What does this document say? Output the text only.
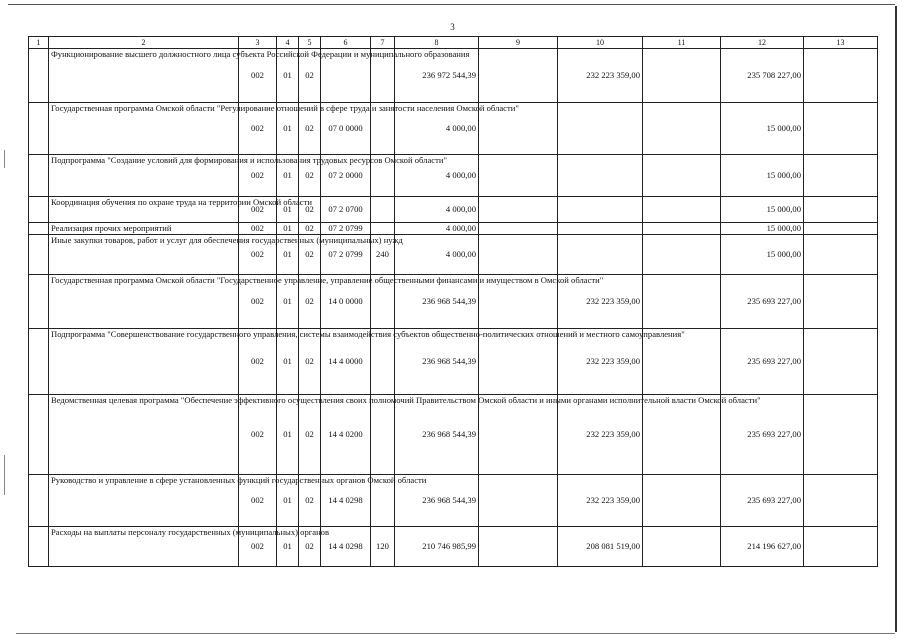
3
1	2	3	4	5	6	7	8	9	10	11	12	13
	Функционирование высшего должностного лица субъекта Российской Федерации и муниципального образования	002	01	02			236 972 544,39		232 223 359,00		235 708 227,00	
	Государственная программа Омской области "Регулирование отношений в сфере труда и занятости населения Омской области"	002	01	02	07 0 0000		4 000,00				15 000,00	
	Подпрограмма "Создание условий для формирования и использования трудовых ресурсов Омской области"	002	01	02	07 2 0000		4 000,00				15 000,00	
	Координация обучения по охране труда на территории Омской области	002	01	02	07 2 0700		4 000,00				15 000,00	
	Реализация прочих мероприятий	002	01	02	07 2 0799		4 000,00				15 000,00	
	Иные закупки товаров, работ и услуг для обеспечения государственных (муниципальных) нужд	002	01	02	07 2 0799	240	4 000,00				15 000,00	
	Государственная программа Омской области "Государственное управление, управление общественными финансами и имуществом в Омской области"	002	01	02	14 0 0000		236 968 544,39		232 223 359,00		235 693 227,00	
	Подпрограмма "Совершенствование государственного управления, системы взаимодействия субъектов общественно-политических отношений и местного самоуправления"	002	01	02	14 4 0000		236 968 544,39		232 223 359,00		235 693 227,00	
	Ведомственная целевая программа "Обеспечение эффективного осуществления своих полномочий Правительством Омской области и иными органами исполнительной власти Омской области"	002	01	02	14 4 0200		236 968 544,39		232 223 359,00		235 693 227,00	
	Руководство и управление в сфере установленных функций государственных органов Омской области	002	01	02	14 4 0298		236 968 544,39		232 223 359,00		235 693 227,00	
	Расходы на выплаты персоналу государственных (муниципальных) органов	002	01	02	14 4 0298	120	210 746 985,99		208 081 519,00		214 196 627,00	
